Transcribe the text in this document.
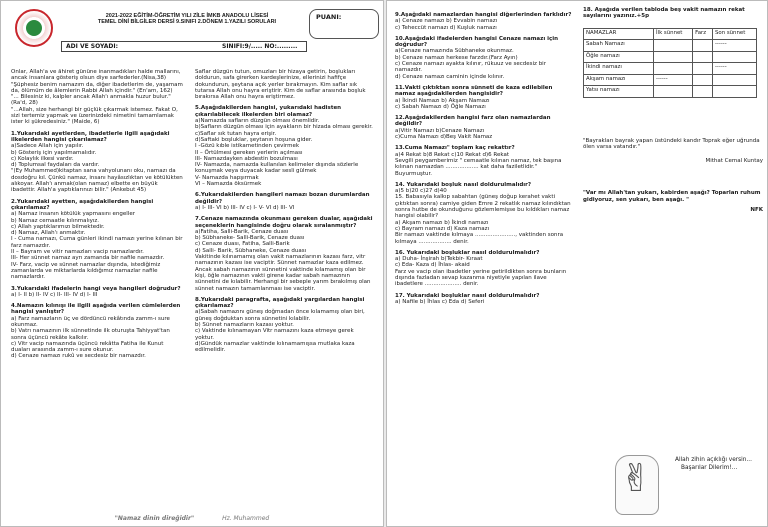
2021-2022 EĞİTİM-ÖĞRETİM YILI ZİLE İMKB ANADOLU LİSESİ
TEMEL DİNİ BİLGİLER DERSİ 9.SINIFI 2.DÖNEM 1.YAZILI SORULARI
PUANI:
ADI VE SOYADI:	SINIFI:9/..... NO:.........

Onlar, Allah'a ve âhiret gününe inanmadıkları halde mallarını, ancak insanlara gösteriş olsun diye sarfederler.(Nisa,38)

"Şüphesiz benim namazım da, diğer ibadetlerim de, yaşamam da, ölümüm de âlemlerin Rabbi Allah içindir." (En'am, 162)

"... Bilesiniz ki, kalpler ancak Allah'ı anmakla huzur bulur."(Ra'd, 28)

"...Allah, size herhangi bir güçlük çıkarmak istemez. Fakat O, sizi tertemiz yapmak ve üzerinizdeki nimetini tamamlamak ister ki şükredesiniz." (Maide, 6)

1.Yukarıdaki ayetlerden, ibadetlerle ilgili aşağıdaki ilkelerden hangisi çıkarılamaz?

a)Sadece Allah için yapılır.

b) Gösteriş için yapılmamalıdır.

c) Kolaylık ilkesi vardır.

d) Toplumsal faydaları da vardır.

"(Ey Muhammed)kitaptan sana vahyolunanı oku, namazı da dosdoğru kıl. Çünkü namaz, insanı hayâsızlıktan ve kötülükten alıkoyar. Allah'ı anmak(olan namaz) elbette en büyük ibadettir. Allah'a yaptıklarınızı bilir." (Ankebut 45)

2.Yukarıdaki ayetten, aşağıdakilerden hangisi çıkarılamaz?

a) Namaz insanın kötülük yapmasını engeller

b) Namaz cemaatle kılınmalıyız.

c) Allah yaptıklarımızı bilmektedir.

d) Namaz, Allah'ı anmaktır.

I - Cuma namazı, Cuma günleri ikindi namazı yerine kılınan bir farz namazdır.

II – Bayram ve vitir namazları vacip namazlardır.

III- Her sünnet namaz ayrı zamanda bir nafile namazdır.

IV- Farz, vacip ve sünnet namazlar dışında, istediğimiz zamanlarda ve miktarlarda kıldığımız namazlar nafile namazlardır.

3.Yukarıdaki ifadelerin hangi veya hangileri doğrudur?

a) I- II b) II- IV c) II- III- IV d) I- III

4.Namazın kılınışı ile ilgili aşağıda verilen cümlelerden hangisi yanlıştır?

a) Farz namazların üç ve dördüncü rekâtında zamm-ı sure okunmaz.

b) Vatrı namazının ilk sünnetinde ilk oturuşta Tahiyyat'tan sonra üçüncü rekâte kalkılır.

c) Vitr vacip namazında üçüncü rekâtta Fatiha ile Kunut duaları arasında zamm-ı sure okunur.

d) Cenaze namazı rukû ve secdesiz bir namazdır.

Saflar düzgün tutun, omuzları bir hizaya getirin, boşlukları doldurun, safa girerken kardeşlerinize, ellerinizi hafifçe dokundurun, şeytana açık yerler bırakmayın. Kim saflar sık tutarsa Allah onu hayra eriştirir. Kim de saflar arasında boşluk bırakırsa Allah onu hayra eriştirmez.

5.Aşağıdakilerden hangisi, yukarıdaki hadisten çıkarılabilecek ilkelerden biri olamaz?

a)Namazda safların düzgün olması önemlidir.

b)Safların düzgün olması için ayakların bir hizada olması gerekir.

c)Saflar sık tutan hayra erişir.

d)Saftaki boşluklar, şeytanın hoşuna gider.

I -Gözü kıble istikametinden çevirmek

II – Örtülmesi gereken yerlerin açılması

III- Namazdayken abdestin bozulması

IV- Namazda, namazda kullanılan kelimeler dışında sözlerle konuşmak veya duyacak kadar sesli gülmek

V- Namazda hapşırmak

VI – Namazda öksürmek

6.Yukarıdakilerden hangileri namazı bozan durumlardan değildir?

a) I- III- VI b) III- IV c) I- V- VI d) III- VI

7.Cenaze namazında okunması gereken dualar, aşağıdaki seçeneklerin hangisinde doğru olarak sıralanmıştır?

a)Fatiha, Salli-Barik, Cenaze duası

b) Sübhaneke- Salli-Barik, Cenaze duası

c) Cenaze duası, Fatiha, Salli-Barik

d) Salli- Barik, Sübhaneke, Cenaze duası

Vakitinde kılınamamış olan vakit namazlarının kazası farz, vitr namazının kazası ise vaciptir. Sünnet namazlar kaza edilmez. Ancak sabah namazının sünnetini vaktinde kılamamış olan bir kişi, öğle namazının vakti girene kadar sabah namazının sünnetini de kılabilir. Herhangi bir sebeple yarım bırakılmış olan sünnet namazın tamamlanması ise vaciptir.

8.Yukarıdaki paragrafta, aşağıdaki yargılardan hangisi çıkarılamaz?

a)Sabah namazını güneş doğmadan önce kılamamış olan biri, güneş doğduktan sonra sünnetini kılabilir.

b) Sünnet namazların kazası yoktur.

c) Vaktinde kılınamayan Vitr namazını kaza etmeye gerek yoktur.

d)Gündük namazlar vaktinde kılınamamışsa mutlaka kaza edilmelidir.

"Namaz dinin direğidir"	Hz. Muhammed

9.Aşağıdaki namazlardan hangisi diğerlerinden farklıdır?

a) Cenaze namazı b) Evvabin namazı

c) Teheccüt namazı d) Kuşluk namazı

10.Aşağıdaki ifadelerden hangisi Cenaze namazı için doğrudur?

a)Cenaze namazında Sübhaneke okunmaz.

b) Cenaze namazı herkese farzdır.(Farz Ayın)

c) Cenaze namazı ayakta kılınır, rükuuz ve secdesiz bir namazdır.

d) Cenaze namazı caminin içinde kılınır.

11.Vakti çıktıktan sonra sünneti de kaza edilebilen namaz aşağıdakilerden hangisidir?

a) İkindi Namazı b) Akşam Namazı

c) Sabah Namazı d) Öğle Namazı

12.Aşağıdakilerden hangisi farz olan namazlardan değildir?

a)Vitir Namazı b)Cenaze Namazı

c)Cuma Namazı d)Beş Vakit Namaz

13.Cuma Namazı" toplam kaç rekattır?

a)4 Rekat b)8 Rekat c)10 Rekat d)6 Rekat

Sevgili peygamberimiz " cemaatle kılınan namaz, tek başına kılınan namazdan ................... kat daha faziletlidir." Buyurmuştur.

14. Yukarıdaki boşluk nasıl doldurulmalıdır?

a)5 b)20 c)27 d)40

15. Babasıyla kalkıp sabahtan (güneş doğup kerahet vakti çıktıktan sonra) camiye giden Emre 2 rekatlık namaz kılındıktan sonra hutbe de okunduğunu gözlemlemişse bu kıldıkları namaz hangisi olabilir?

a) Akşam namazı b) İkindi namazı

c) Bayram namazı d) Kaza namazı

Bir namazı vaktinde kılmaya ......................., vaktinden sonra kılmaya ................... denir.

16. Yukarıdaki boşluklar nasıl doldurulmalıdır?

a) Duha- İnşirah b)Tekbir- Kıraat

c) Eda- Kaza d) İhlas- akaid

Farz ve vacip olan ibadetler yerine getirildikten sonra bunların dışında fazladan sevap kazanma niyetiyle yapılan ilave ibadetlere ..................... denir.

17. Yukarıdaki boşluklar nasıl doldurulmalıdır?

a) Nafile b) İhlas c) Eda d) Seferi

18. Aşağıda verilen tabloda beş vakit namazın rekat sayılarını yazınız.+5p

NAMAZLAR	İlk sünnet	Farz	Son sünnet
Sabah Namazı			------
Öğle namazı			
İkindi namazı			------
Akşam namazı	------		
Yatsı namazı			

"Bayrakları bayrak yapan üstündeki kandır Toprak eğer uğrunda ölen varsa vatandır."

Mithat Cemal Kuntay

"Var mı Allah'tan yukarı, kabirden aşağı? Toparlan ruhum gidiyoruz, sen yukarı, ben aşağı. "

NFK

✌

Allah zihin açıklığı versin...

Başarılar Dilerim!...
